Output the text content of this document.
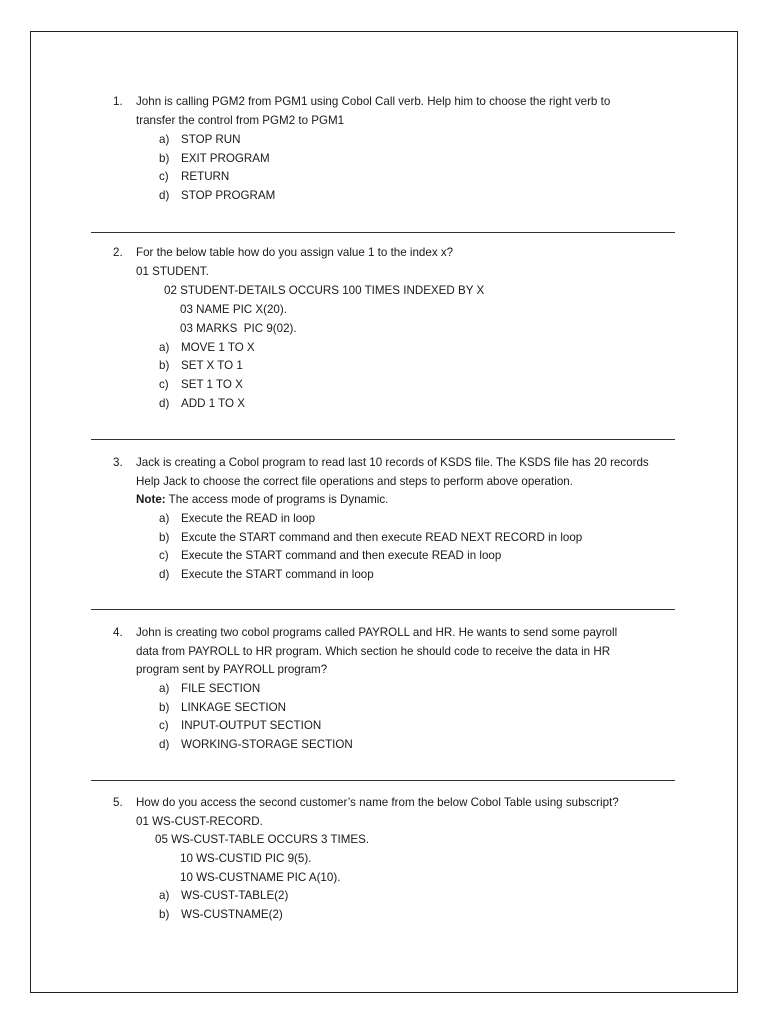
1. John is calling PGM2 from PGM1 using Cobol Call verb. Help him to choose the right verb to
transfer the control from PGM2 to PGM1
a) STOP RUN
b) EXIT PROGRAM
c) RETURN
d) STOP PROGRAM
2. For the below table how do you assign value 1 to the index x?
01 STUDENT.
02 STUDENT-DETAILS OCCURS 100 TIMES INDEXED BY X
03 NAME PIC X(20).
03 MARKS  PIC 9(02).
a) MOVE 1 TO X
b) SET X TO 1
c) SET 1 TO X
d) ADD 1 TO X
3. Jack is creating a Cobol program to read last 10 records of KSDS file. The KSDS file has 20 records
Help Jack to choose the correct file operations and steps to perform above operation.
Note: The access mode of programs is Dynamic.
a) Execute the READ in loop
b) Excute the START command and then execute READ NEXT RECORD in loop
c) Execute the START command and then execute READ in loop
d) Execute the START command in loop
4. John is creating two cobol programs called PAYROLL and HR. He wants to send some payroll
data from PAYROLL to HR program. Which section he should code to receive the data in HR
program sent by PAYROLL program?
a) FILE SECTION
b) LINKAGE SECTION
c) INPUT-OUTPUT SECTION
d) WORKING-STORAGE SECTION
5. How do you access the second customer’s name from the below Cobol Table using subscript?
01 WS-CUST-RECORD.
05 WS-CUST-TABLE OCCURS 3 TIMES.
10 WS-CUSTID PIC 9(5).
10 WS-CUSTNAME PIC A(10).
a) WS-CUST-TABLE(2)
b) WS-CUSTNAME(2)
